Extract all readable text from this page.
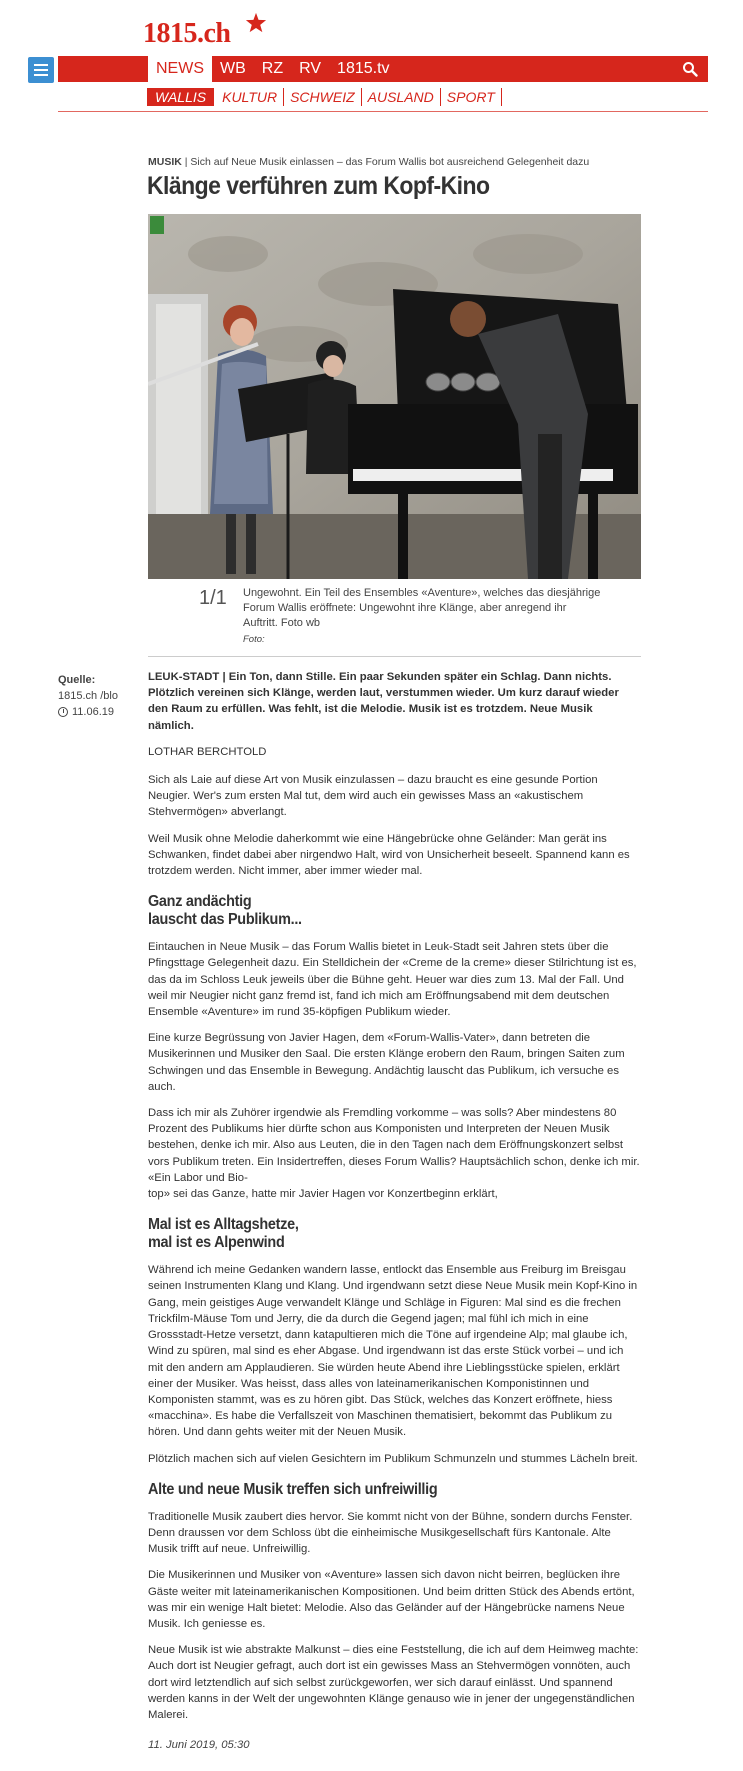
1815.ch
NEWS	WB	RZ	RV	1815.tv
WALLIS	KULTUR SCHWEIZ AUSLAND SPORT
MUSIK | Sich auf Neue Musik einlassen – das Forum Wallis bot ausreichend Gelegenheit dazu
Klänge verführen zum Kopf-Kino
1/1 Ungewohnt. Ein Teil des Ensembles «Aventure», welches das diesjährige Forum Wallis eröffnete: Ungewohnt ihre Klänge, aber anregend ihr Auftritt. Foto wb
Foto:
Quelle:
1815.ch /blo
11.06.19

LEUK-STADT | Ein Ton, dann Stille. Ein paar Sekunden später ein Schlag. Dann nichts. Plötzlich vereinen sich Klänge, werden laut, verstummen wieder. Um kurz darauf wieder den Raum zu erfüllen. Was fehlt, ist die Melodie. Musik ist es trotzdem. Neue Musik nämlich.

LOTHAR BERCHTOLD

Sich als Laie auf diese Art von Musik einzulassen – dazu braucht es eine gesunde Portion Neugier. Wer's zum ersten Mal tut, dem wird auch ein gewisses Mass an «akustischem Stehvermögen» abverlangt.

Weil Musik ohne Melodie daherkommt wie eine Hängebrücke ohne Geländer: Man gerät ins Schwanken, findet dabei aber nirgendwo Halt, wird von Unsicherheit beseelt. Spannend kann es trotzdem werden. Nicht immer, aber immer wieder mal.

Ganz andächtig
lauscht das Publikum...

Eintauchen in Neue Musik – das Forum Wallis bietet in Leuk-Stadt seit Jahren stets über die Pfingsttage Gelegenheit dazu. Ein Stelldichein der «Creme de la creme» dieser Stilrichtung ist es, das da im Schloss Leuk jeweils über die Bühne geht. Heuer war dies zum 13. Mal der Fall. Und weil mir Neugier nicht ganz fremd ist, fand ich mich am Eröffnungsabend mit dem deutschen Ensemble «Aventure» im rund 35-köpfigen Publikum wieder.

Eine kurze Begrüssung von Javier Hagen, dem «Forum-Wallis-Vater», dann betreten die Musikerinnen und Musiker den Saal. Die ersten Klänge erobern den Raum, bringen Saiten zum Schwingen und das Ensemble in Bewegung. Andächtig lauscht das Publikum, ich versuche es auch.

Dass ich mir als Zuhörer irgendwie als Fremdling vorkomme – was solls? Aber mindestens 80 Prozent des Publikums hier dürfte schon aus Komponisten und Interpreten der Neuen Musik bestehen, denke ich mir. Also aus Leuten, die in den Tagen nach dem Eröffnungskonzert selbst vors Publikum treten. Ein Insidertreffen, dieses Forum Wallis? Hauptsächlich schon, denke ich mir. «Ein Labor und Bio-
top» sei das Ganze, hatte mir Javier Hagen vor Konzertbeginn erklärt,

Mal ist es Alltagshetze,
mal ist es Alpenwind

Während ich meine Gedanken wandern lasse, entlockt das Ensemble aus Freiburg im Breisgau seinen Instrumenten Klang und Klang. Und irgendwann setzt diese Neue Musik mein Kopf-Kino in Gang, mein geistiges Auge verwandelt Klänge und Schläge in Figuren: Mal sind es die frechen Trickfilm-Mäuse Tom und Jerry, die da durch die Gegend jagen; mal fühl ich mich in eine Grossstadt-Hetze versetzt, dann katapultieren mich die Töne auf irgendeine Alp; mal glaube ich, Wind zu spüren, mal sind es eher Abgase. Und irgendwann ist das erste Stück vorbei – und ich mit den andern am Applaudieren. Sie würden heute Abend ihre Lieblingsstücke spielen, erklärt einer der Musiker. Was heisst, dass alles von lateinamerikanischen Komponistinnen und Komponisten stammt, was es zu hören gibt. Das Stück, welches das Konzert eröffnete, hiess «macchina». Es habe die Verfallszeit von Maschinen thematisiert, bekommt das Publikum zu hören. Und dann gehts weiter mit der Neuen Musik.

Plötzlich machen sich auf vielen Gesichtern im Publikum Schmunzeln und stummes Lächeln breit.

Alte und neue Musik treffen sich unfreiwillig

Traditionelle Musik zaubert dies hervor. Sie kommt nicht von der Bühne, sondern durchs Fenster. Denn draussen vor dem Schloss übt die einheimische Musikgesellschaft fürs Kantonale. Alte Musik trifft auf neue. Unfreiwillig.

Die Musikerinnen und Musiker von «Aventure» lassen sich davon nicht beirren, beglücken ihre Gäste weiter mit lateinamerikanischen Kompositionen. Und beim dritten Stück des Abends ertönt, was mir ein wenige Halt bietet: Melodie. Also das Geländer auf der Hängebrücke namens Neue Musik. Ich geniesse es.

Neue Musik ist wie abstrakte Malkunst – dies eine Feststellung, die ich auf dem Heimweg machte: Auch dort ist Neugier gefragt, auch dort ist ein gewisses Mass an Stehvermögen vonnöten, auch dort wird letztendlich auf sich selbst zurückgeworfen, wer sich darauf einlässt. Und spannend werden kanns in der Welt der ungewohnten Klänge genauso wie in jener der ungegenständlichen Malerei.

11. Juni 2019, 05:30
